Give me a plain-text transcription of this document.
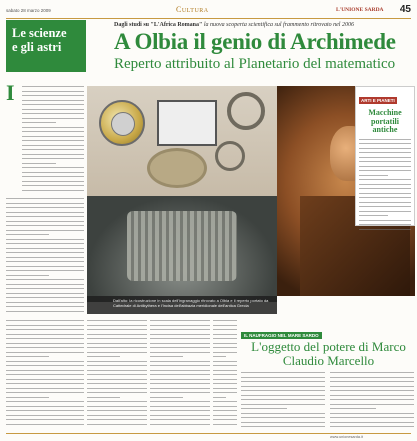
sabato 28 marzo 2009	Cultura	L'UNIONE SARDA 45
Le scienze
e gli astri
Dagli studi su "L'Africa Romana" la nuova scoperta scientifica sul frammento ritrovato nel 2006
A Olbia il genio di Archimede
Reperto attribuito al Planetario del matematico
I
Dall'alto: la ricostruzione in scala dell'ingranaggio ritrovato a Olbia e il reperto portato da Cattedrale di Antikythera e l'Incisa dell'abbazia meridionale dell'antica Grecia
ARTI E PIANETI
Macchine portatili antiche
IL NAUFRAGIO NEL MARE SARDO
L'oggetto del potere di Marco Claudio Marcello
www.unionesarda.it
